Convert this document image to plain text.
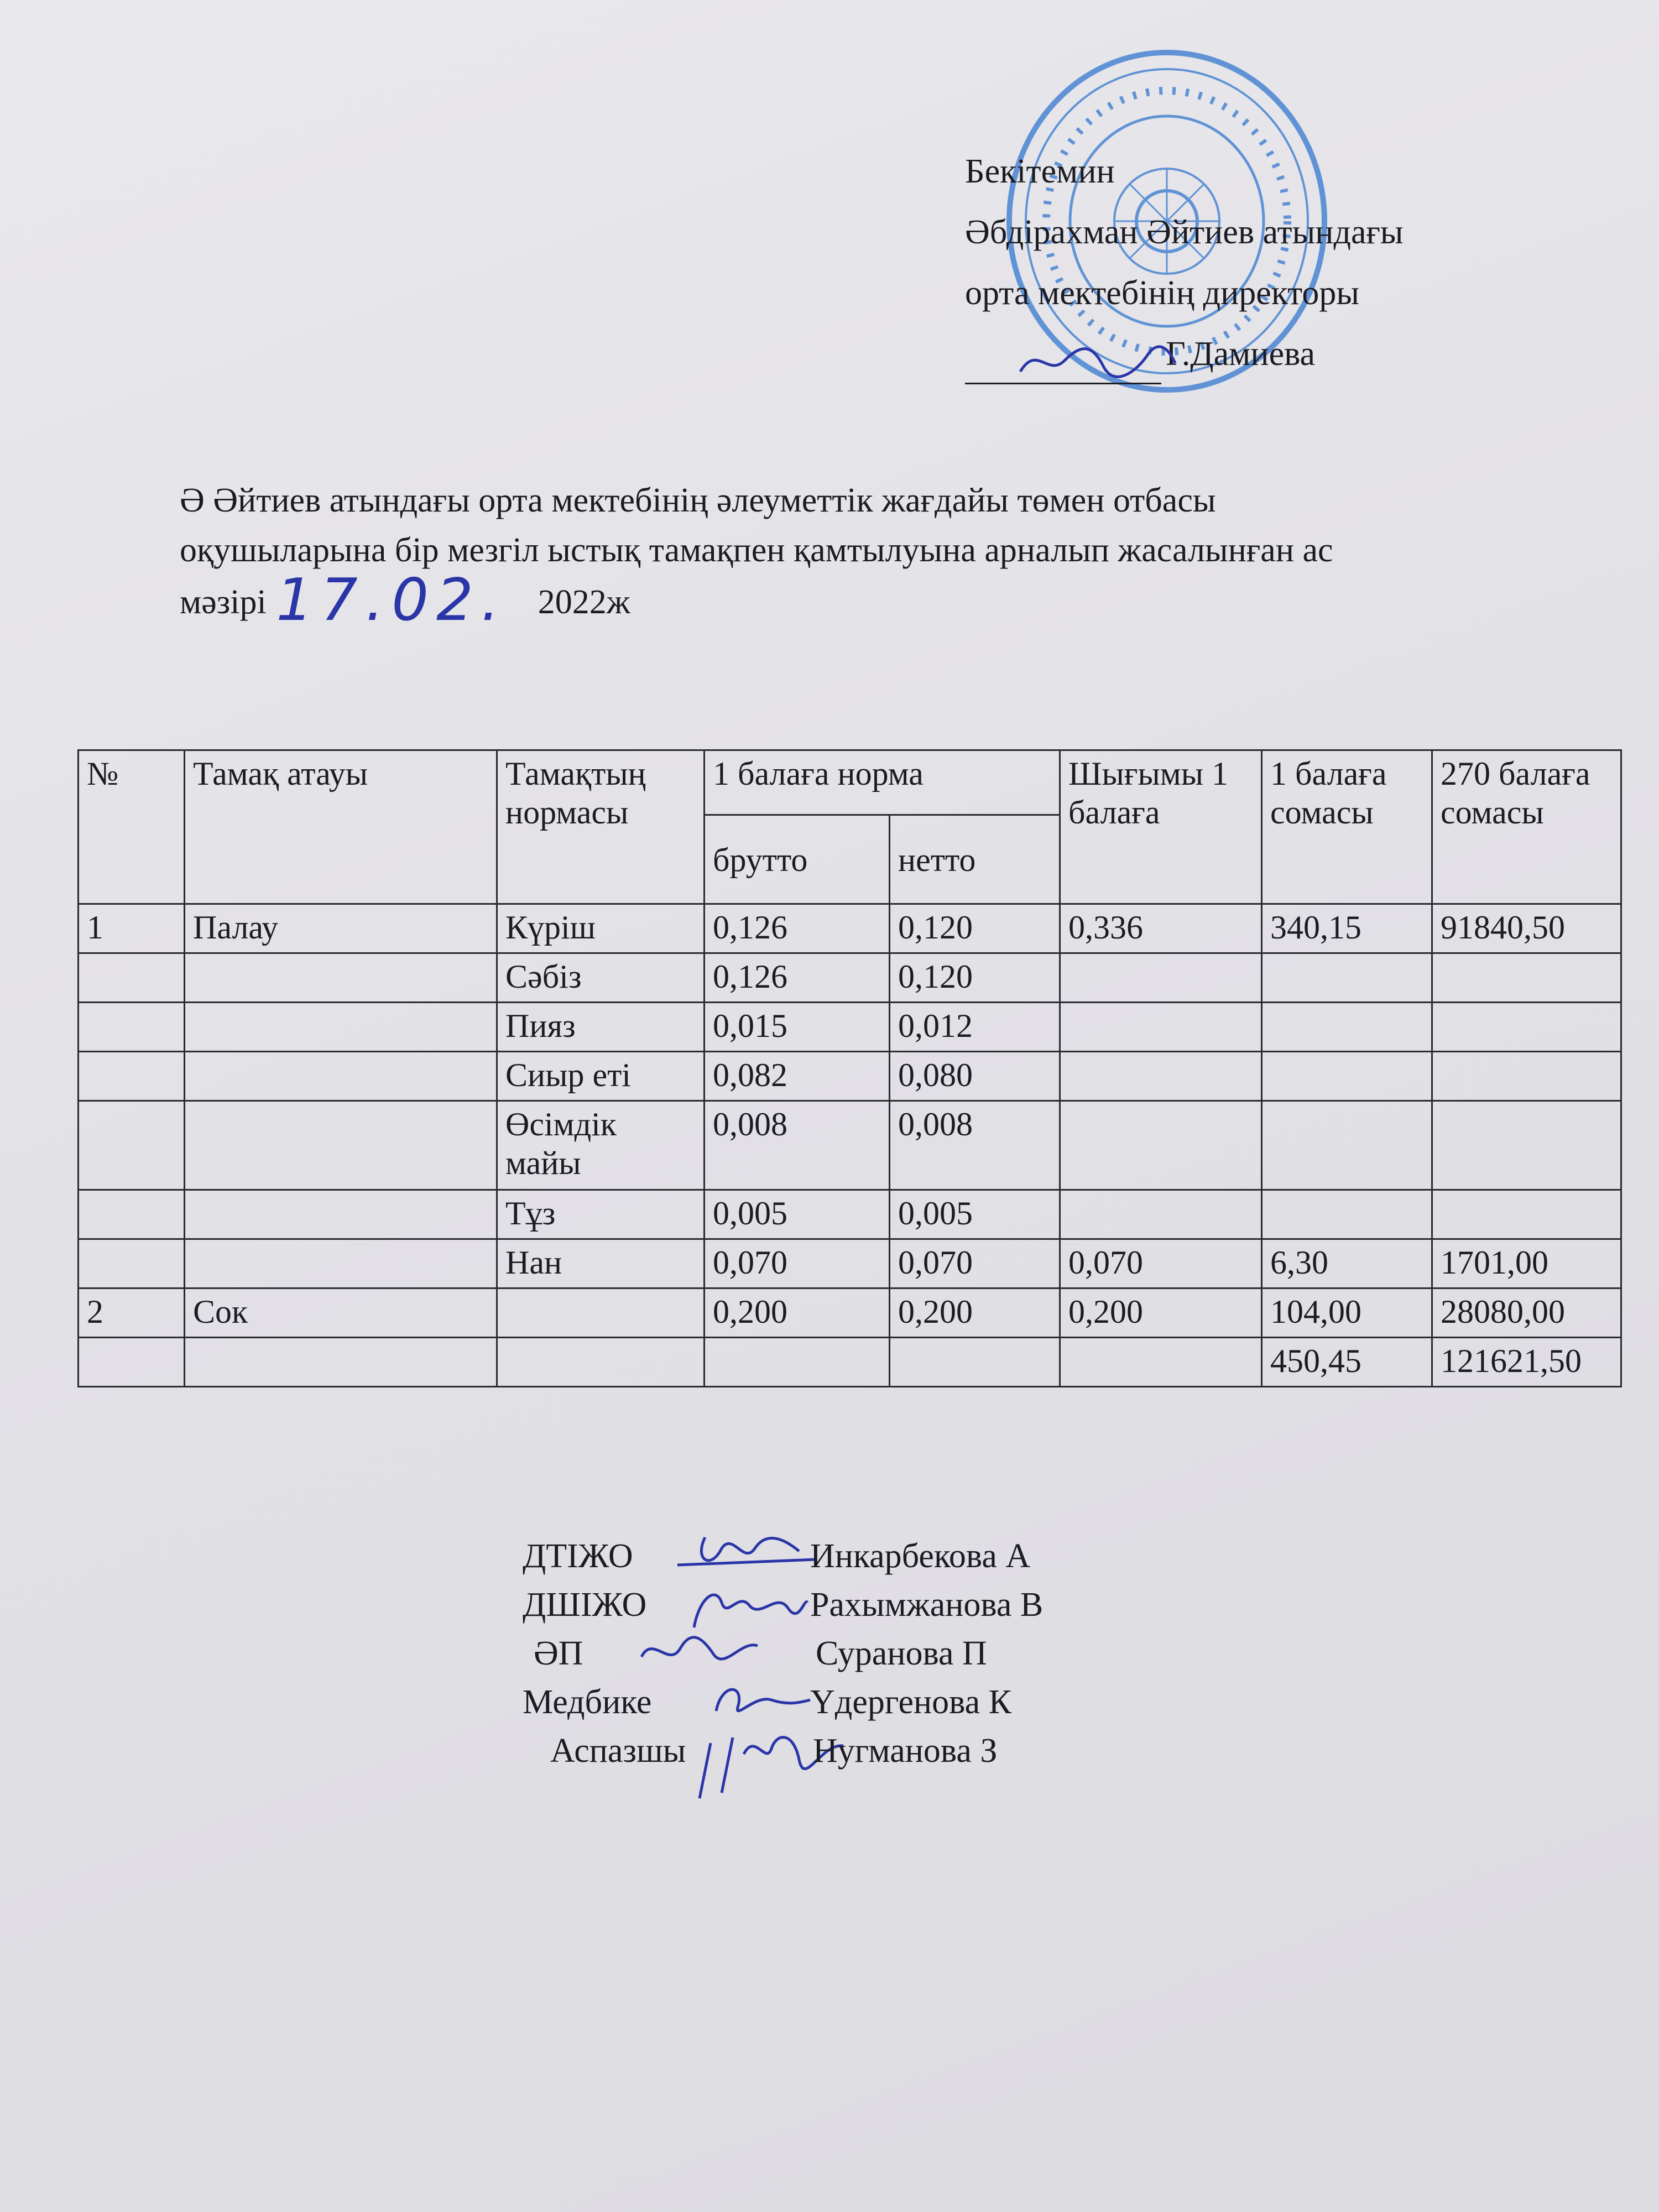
Бекітемин
Әбдірахман Әйтиев атындағы
орта мектебінің директоры
Г.Дамиева
Ә Әйтиев атындағы орта мектебінің әлеуметтік жағдайы төмен отбасы
оқушыларына бір мезгіл ыстық тамақпен қамтылуына арналып жасалынған ас
мәзірі 17.02. 2022ж
№	Тамақ атауы	Тамақтың нормасы	1 балаға норма		Шығымы 1 балаға	1 балаға сомасы	270 балаға сомасы
			брутто	нетто			
1	Палау	Күріш	0,126	0,120	0,336	340,15	91840,50
		Сәбіз	0,126	0,120			
		Пияз	0,015	0,012			
		Сиыр еті	0,082	0,080			
		Өсімдік майы	0,008	0,008			
		Тұз	0,005	0,005			
		Нан	0,070	0,070	0,070	6,30	1701,00
2	Сок		0,200	0,200	0,200	104,00	28080,00
						450,45	121621,50
ДТІЖО	Инкарбекова А
ДШІЖО	Рахымжанова В
ӘП	Суранова П
Медбике	Үдергенова К
Аспазшы	Нугманова З
